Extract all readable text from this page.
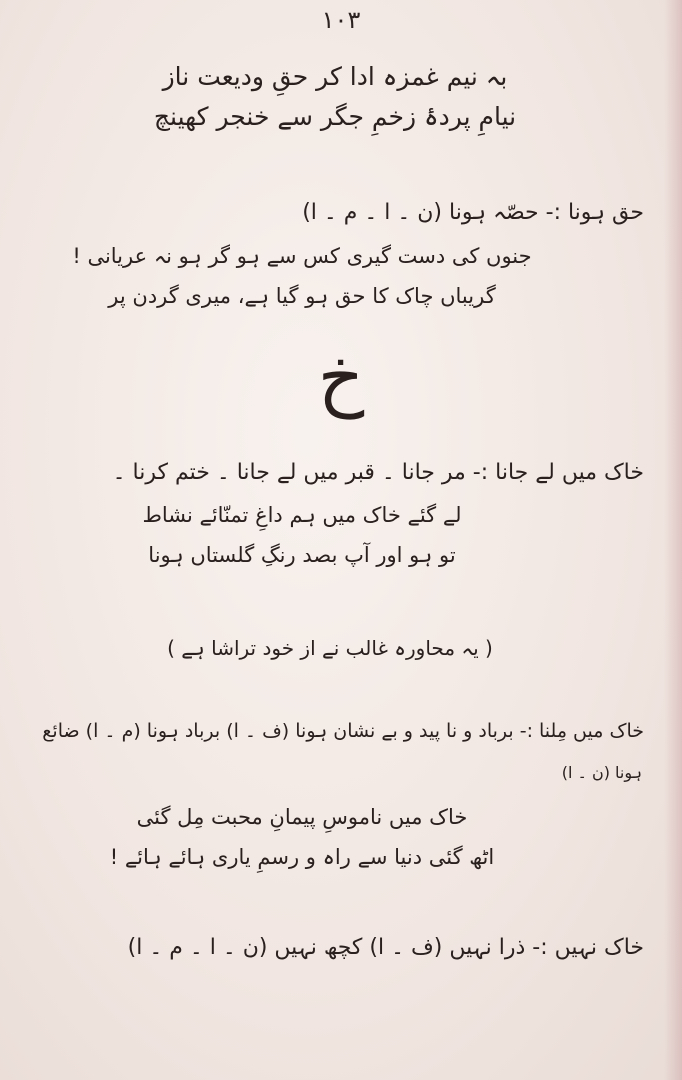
۱۰۳
بہ نیم غمزہ ادا کر حقِ ودیعت ناز
نیامِ پردۂ زخمِ جگر سے خنجر کھینچ
حق ہونا :- حصّہ ہونا (ن ۔ ا ۔ م ۔ ا)
جنوں کی دست گیری کس سے ہو گر ہو نہ عریانی !
گریباں چاک کا حق ہو گیا ہے، میری گردن پر
خ
خاک میں لے جانا :- مر جانا ۔ قبر میں لے جانا ۔ ختم کرنا ۔
لے گئے خاک میں ہم داغِ تمنّائے نشاط
تو ہو اور آپ بصد رنگِ گلستاں ہونا
( یہ محاورہ غالب نے از خود تراشا ہے )
خاک میں مِلنا :- برباد و نا پید و بے نشان ہونا (ف ۔ ا) برباد ہونا (م ۔ ا) ضائع
ہونا (ن ۔ ا)
خاک میں ناموسِ پیمانِ محبت مِل گئی
اٹھ گئی دنیا سے راہ و رسمِ یاری ہائے ہائے !
خاک نہیں :- ذرا نہیں (ف ۔ ا) کچھ نہیں (ن ۔ ا ۔ م ۔ ا)
